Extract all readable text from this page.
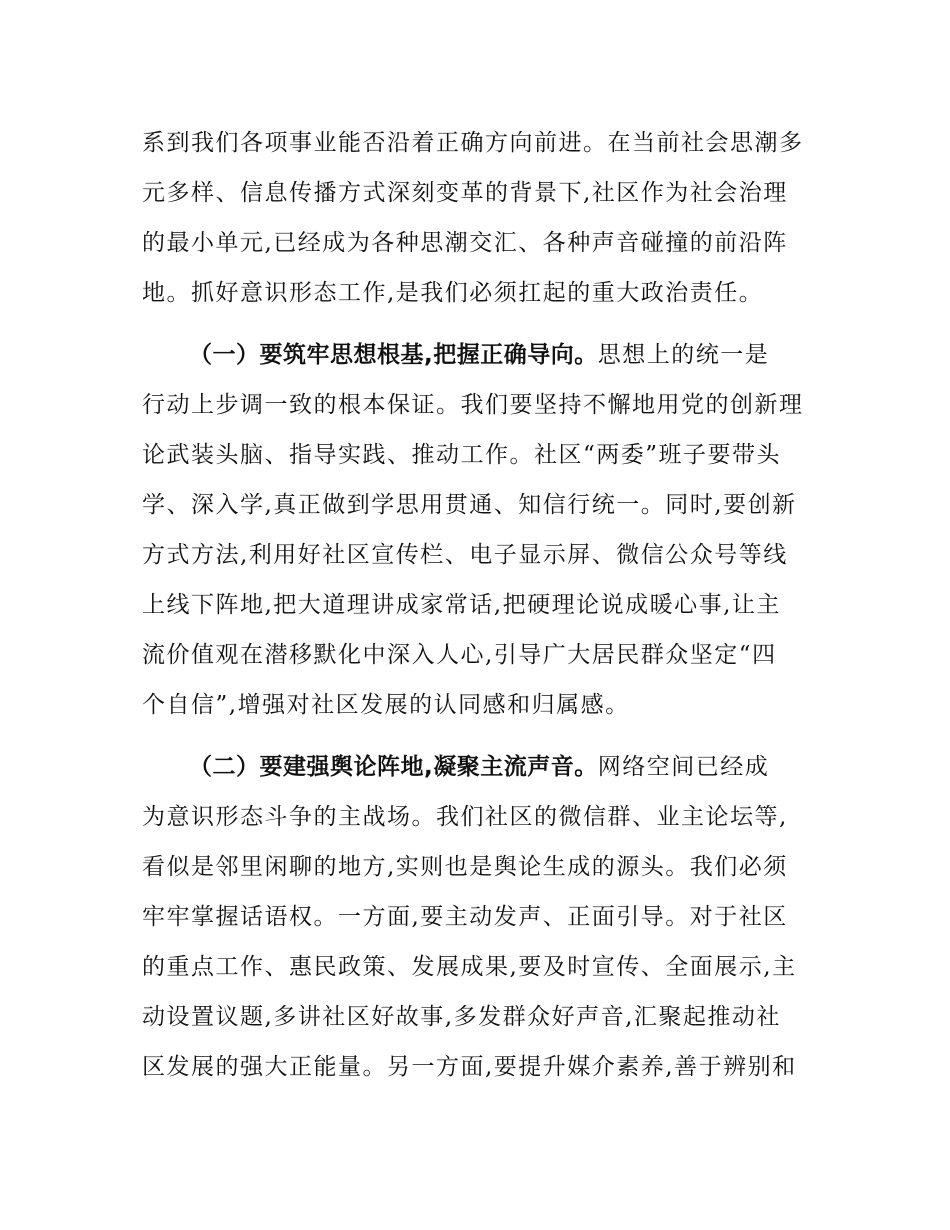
系到我们各项事业能否沿着正确方向前进。在当前社会思潮多
元多样、信息传播方式深刻变革的背景下,社区作为社会治理
的最小单元,已经成为各种思潮交汇、各种声音碰撞的前沿阵
地。抓好意识形态工作,是我们必须扛起的重大政治责任。
（一）要筑牢思想根基,把握正确导向。思想上的统一是
行动上步调一致的根本保证。我们要坚持不懈地用党的创新理
论武装头脑、指导实践、推动工作。社区“两委”班子要带头
学、深入学,真正做到学思用贯通、知信行统一。同时,要创新
方式方法,利用好社区宣传栏、电子显示屏、微信公众号等线
上线下阵地,把大道理讲成家常话,把硬理论说成暖心事,让主
流价值观在潜移默化中深入人心,引导广大居民群众坚定“四
个自信”,增强对社区发展的认同感和归属感。
（二）要建强舆论阵地,凝聚主流声音。网络空间已经成
为意识形态斗争的主战场。我们社区的微信群、业主论坛等,
看似是邻里闲聊的地方,实则也是舆论生成的源头。我们必须
牢牢掌握话语权。一方面,要主动发声、正面引导。对于社区
的重点工作、惠民政策、发展成果,要及时宣传、全面展示,主
动设置议题,多讲社区好故事,多发群众好声音,汇聚起推动社
区发展的强大正能量。另一方面,要提升媒介素养,善于辨别和
